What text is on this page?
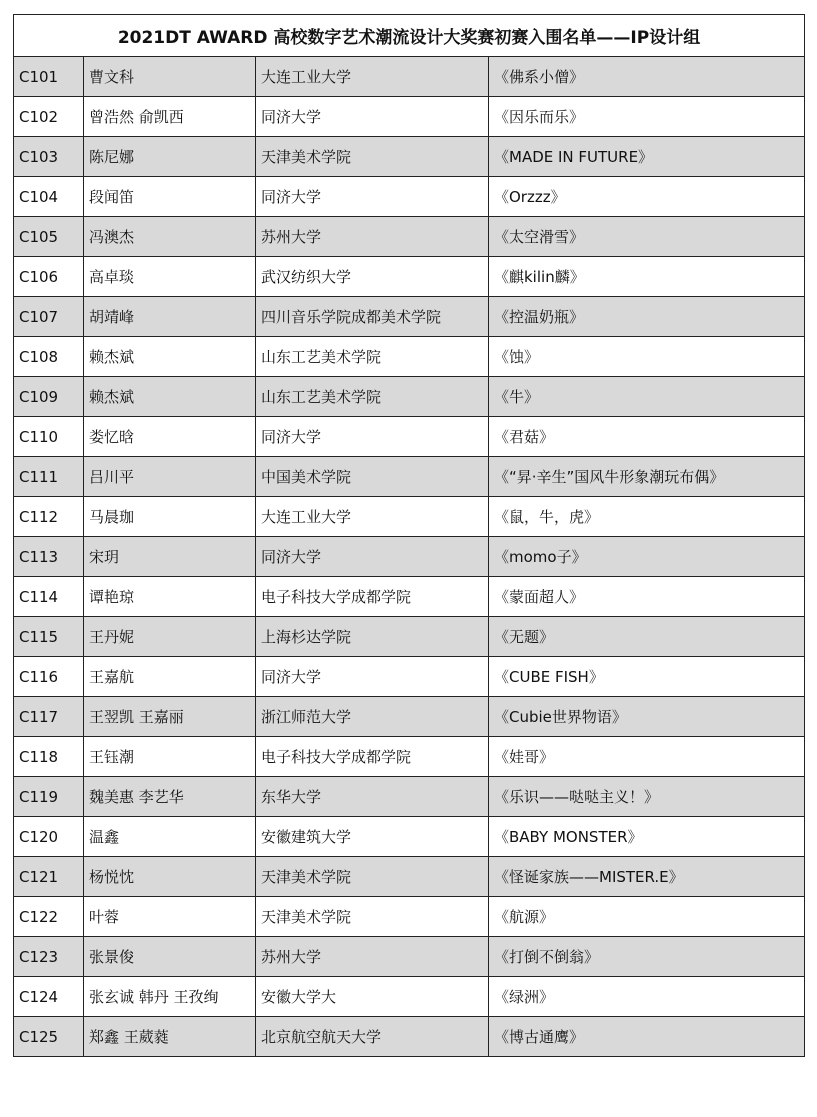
2021DT AWARD 高校数字艺术潮流设计大奖赛初赛入围名单——IP设计组			
C101	曹文科	大连工业大学	《佛系小僧》
C102	曾浩然 俞凯西	同济大学	《因乐而乐》
C103	陈尼娜	天津美术学院	《MADE IN FUTURE》
C104	段闻笛	同济大学	《Orzzz》
C105	冯澳杰	苏州大学	《太空滑雪》
C106	高卓琰	武汉纺织大学	《麒kilin麟》
C107	胡靖峰	四川音乐学院成都美术学院	《控温奶瓶》
C108	赖杰斌	山东工艺美术学院	《蚀》
C109	赖杰斌	山东工艺美术学院	《牛》
C110	娄忆晗	同济大学	《君菇》
C111	吕川平	中国美术学院	《“昇·辛生”国风牛形象潮玩布偶》
C112	马晨珈	大连工业大学	《鼠，牛，虎》
C113	宋玥	同济大学	《momo子》
C114	谭艳琼	电子科技大学成都学院	《蒙面超人》
C115	王丹妮	上海杉达学院	《无题》
C116	王嘉航	同济大学	《CUBE FISH》
C117	王翌凯 王嘉丽	浙江师范大学	《Cubie世界物语》
C118	王钰潮	电子科技大学成都学院	《娃哥》
C119	魏美惠 李艺华	东华大学	《乐识——哒哒主义！》
C120	温鑫	安徽建筑大学	《BABY MONSTER》
C121	杨悦忱	天津美术学院	《怪诞家族——MISTER.E》
C122	叶蓉	天津美术学院	《航源》
C123	张景俊	苏州大学	《打倒不倒翁》
C124	张玄诚 韩丹 王孜绚	安徽大学大	《绿洲》
C125	郑鑫 王葳蕤	北京航空航天大学	《博古通鹰》
